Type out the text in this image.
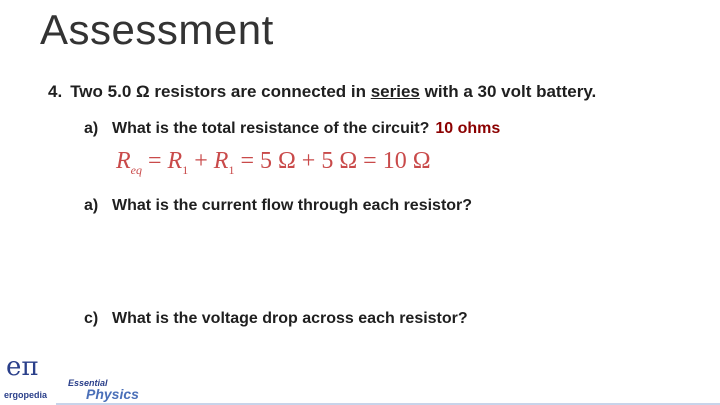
Assessment
4. Two 5.0 Ω resistors are connected in series with a 30 volt battery.
a) What is the total resistance of the circuit? 10 ohms
$R_{eq} = R_1 + R_1 = 5$ Ω + 5 Ω = 10 Ω
a) What is the current flow through each resistor?
c) What is the voltage drop across each resistor?
eπ
ergopedia
Essential
Physics
